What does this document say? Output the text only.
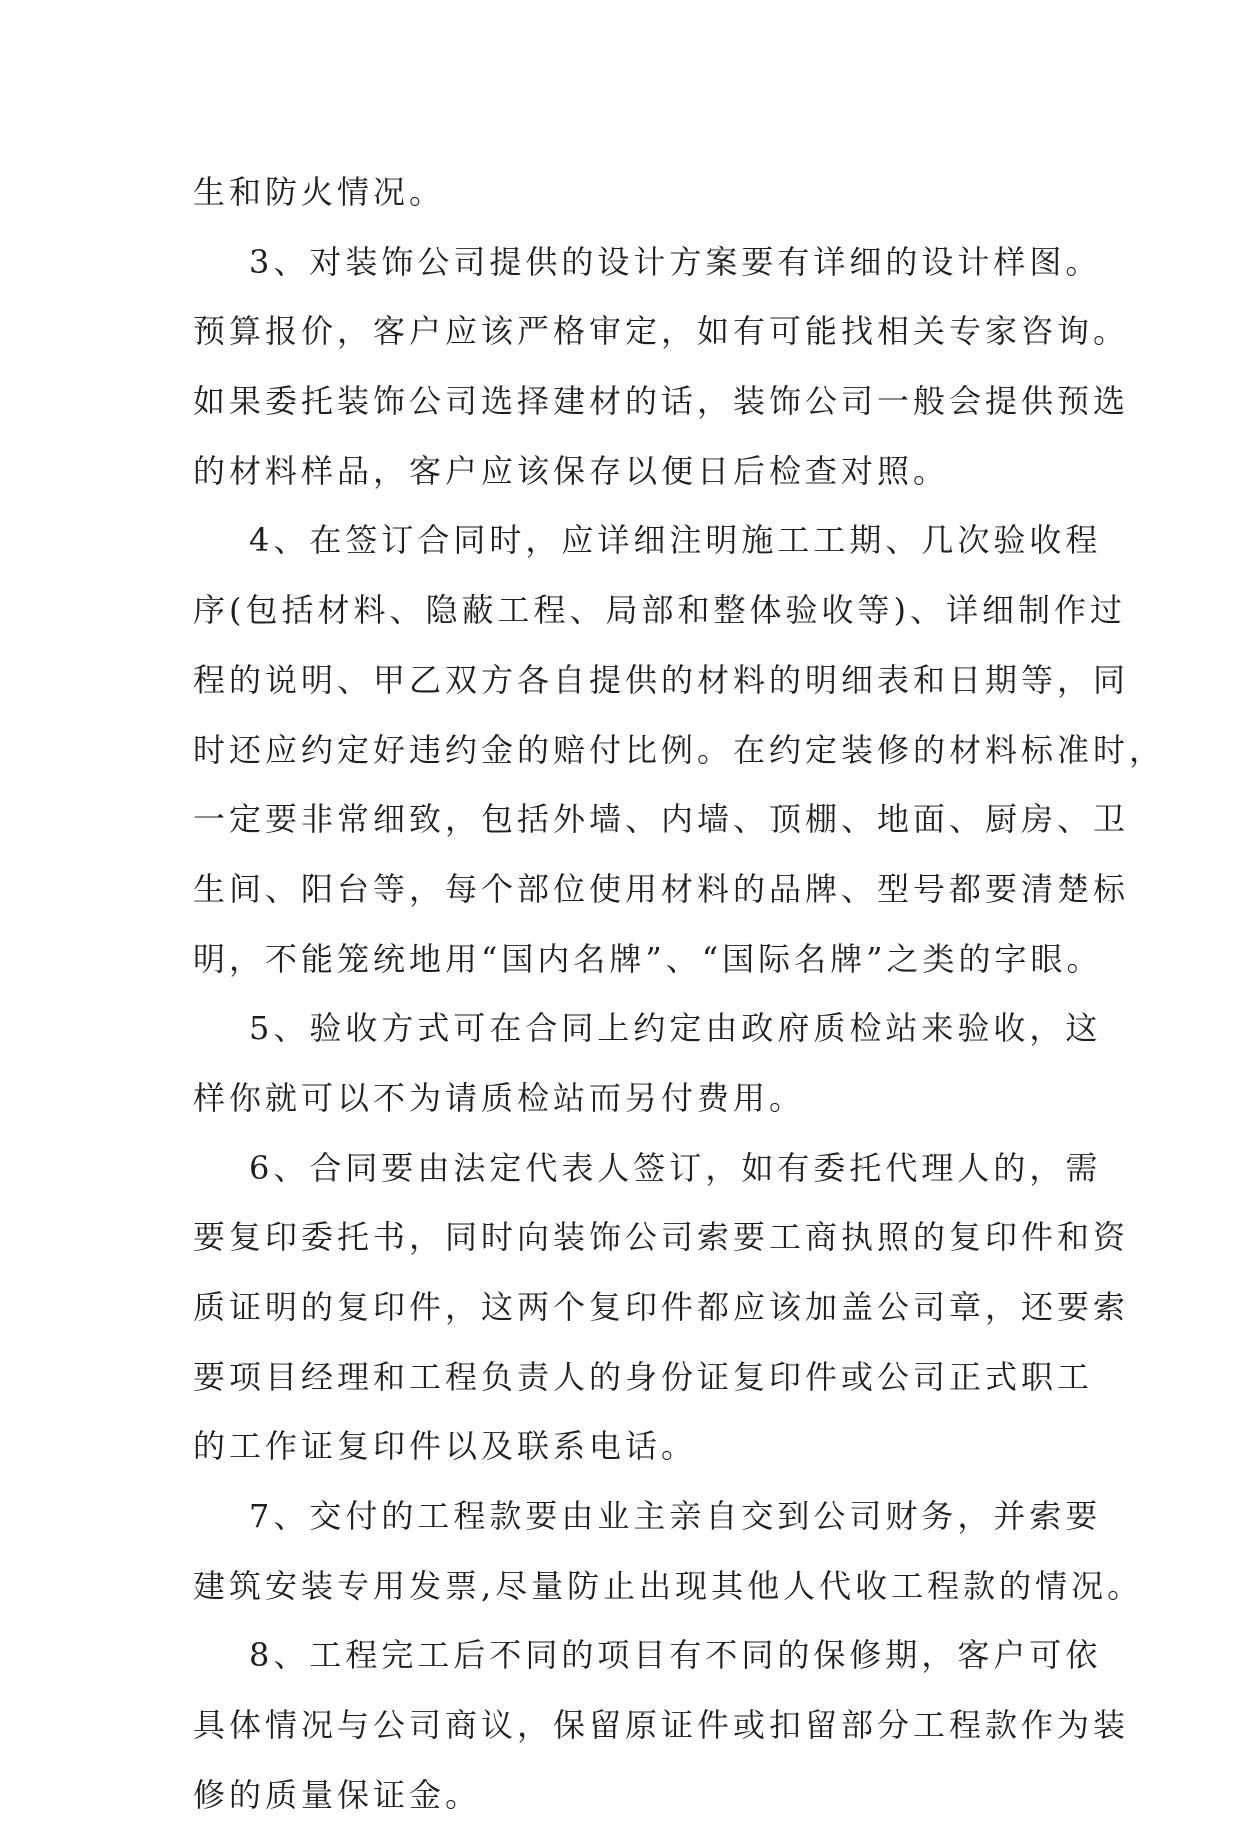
生和防火情况。
3、对装饰公司提供的设计方案要有详细的设计样图。
预算报价，客户应该严格审定，如有可能找相关专家咨询。
如果委托装饰公司选择建材的话，装饰公司一般会提供预选
的材料样品，客户应该保存以便日后检查对照。
4、在签订合同时，应详细注明施工工期、几次验收程
序(包括材料、隐蔽工程、局部和整体验收等)、详细制作过
程的说明、甲乙双方各自提供的材料的明细表和日期等，同
时还应约定好违约金的赔付比例。在约定装修的材料标准时，
一定要非常细致，包括外墙、内墙、顶棚、地面、厨房、卫
生间、阳台等，每个部位使用材料的品牌、型号都要清楚标
明，不能笼统地用“国内名牌”、“国际名牌”之类的字眼。
5、验收方式可在合同上约定由政府质检站来验收，这
样你就可以不为请质检站而另付费用。
6、合同要由法定代表人签订，如有委托代理人的，需
要复印委托书，同时向装饰公司索要工商执照的复印件和资
质证明的复印件，这两个复印件都应该加盖公司章，还要索
要项目经理和工程负责人的身份证复印件或公司正式职工
的工作证复印件以及联系电话。
7、交付的工程款要由业主亲自交到公司财务，并索要
建筑安装专用发票,尽量防止出现其他人代收工程款的情况。
8、工程完工后不同的项目有不同的保修期，客户可依
具体情况与公司商议，保留原证件或扣留部分工程款作为装
修的质量保证金。
